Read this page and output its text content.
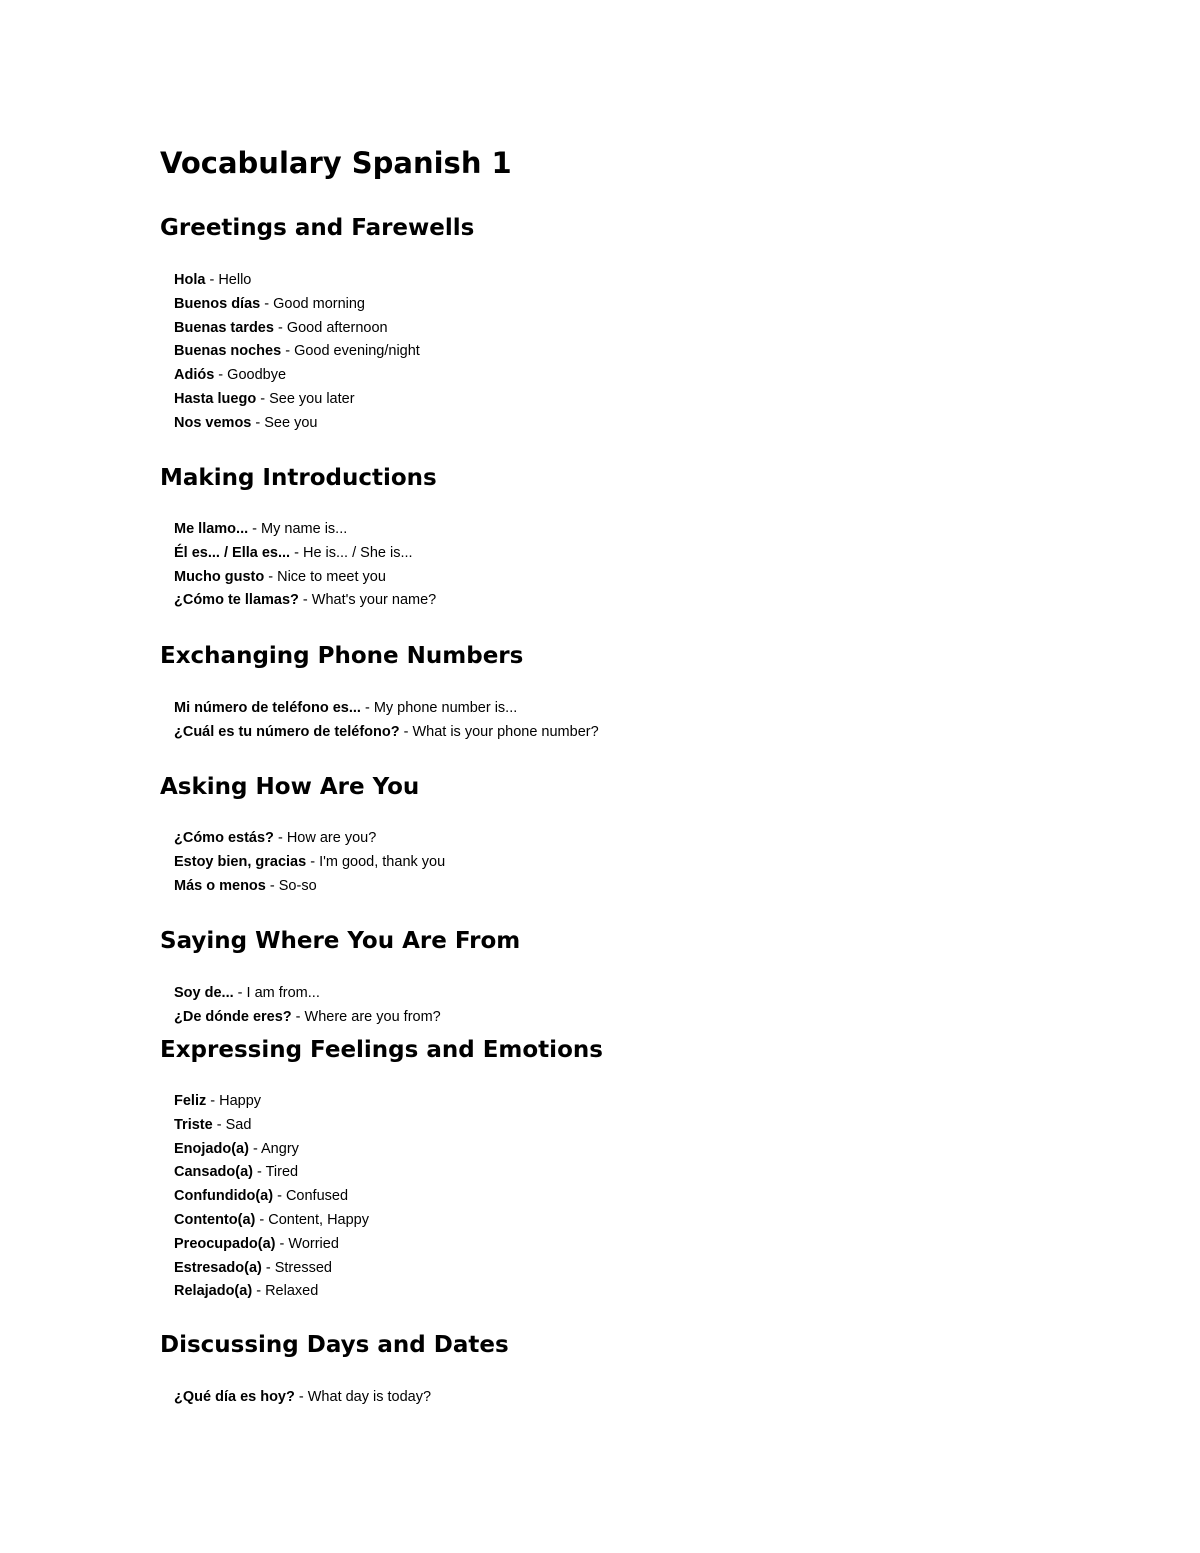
Vocabulary Spanish 1
Greetings and Farewells
Hola - Hello
Buenos días - Good morning
Buenas tardes - Good afternoon
Buenas noches - Good evening/night
Adiós - Goodbye
Hasta luego - See you later
Nos vemos - See you
Making Introductions
Me llamo... - My name is...
Él es... / Ella es... - He is... / She is...
Mucho gusto - Nice to meet you
¿Cómo te llamas? - What's your name?
Exchanging Phone Numbers
Mi número de teléfono es... - My phone number is...
¿Cuál es tu número de teléfono? - What is your phone number?
Asking How Are You
¿Cómo estás? - How are you?
Estoy bien, gracias - I'm good, thank you
Más o menos - So-so
Saying Where You Are From
Soy de... - I am from...
¿De dónde eres? - Where are you from?
Expressing Feelings and Emotions
Feliz - Happy
Triste - Sad
Enojado(a) - Angry
Cansado(a) - Tired
Confundido(a) - Confused
Contento(a) - Content, Happy
Preocupado(a) - Worried
Estresado(a) - Stressed
Relajado(a) - Relaxed
Discussing Days and Dates
¿Qué día es hoy? - What day is today?
